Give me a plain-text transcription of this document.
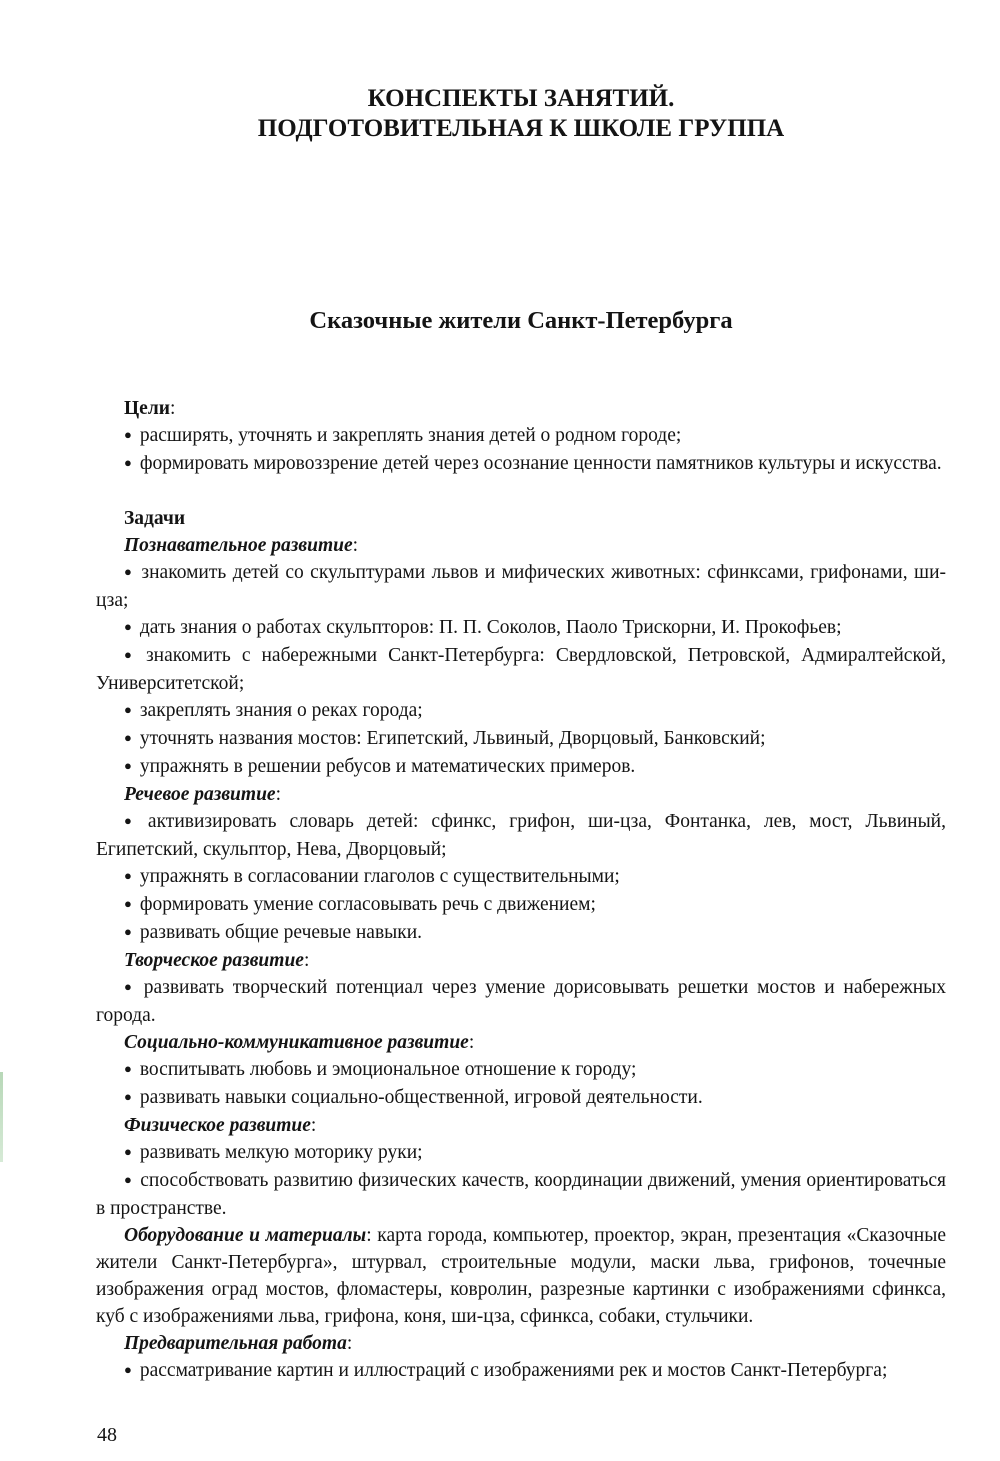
КОНСПЕКТЫ ЗАНЯТИЙ.
ПОДГОТОВИТЕЛЬНАЯ К ШКОЛЕ ГРУППА
Сказочные жители Санкт-Петербурга

Цели:

● расширять, уточнять и закреплять знания детей о родном городе;

● формировать мировоззрение детей через осознание ценности памятников культуры и искусства.

Задачи

Познавательное развитие:

● знакомить детей со скульптурами львов и мифических животных: сфинксами, грифонами, ши-цза;

● дать знания о работах скульпторов: П. П. Соколов, Паоло Трискорни, И. Прокофьев;

● знакомить с набережными Санкт-Петербурга: Свердловской, Петровской, Адмиралтейской, Университетской;

● закреплять знания о реках города;

● уточнять названия мостов: Египетский, Львиный, Дворцовый, Банковский;

● упражнять в решении ребусов и математических примеров.

Речевое развитие:

● активизировать словарь детей: сфинкс, грифон, ши-цза, Фонтанка, лев, мост, Львиный, Египетский, скульптор, Нева, Дворцовый;

● упражнять в согласовании глаголов с существительными;

● формировать умение согласовывать речь с движением;

● развивать общие речевые навыки.

Творческое развитие:

● развивать творческий потенциал через умение дорисовывать решетки мостов и набережных города.

Социально-коммуникативное развитие:

● воспитывать любовь и эмоциональное отношение к городу;

● развивать навыки социально-общественной, игровой деятельности.

Физическое развитие:

● развивать мелкую моторику руки;

● способствовать развитию физических качеств, координации движений, умения ориентироваться в пространстве.

Оборудование и материалы: карта города, компьютер, проектор, экран, презентация «Сказочные жители Санкт-Петербурга», штурвал, строительные модули, маски льва, грифонов, точечные изображения оград мостов, фломастеры, ковролин, разрезные картинки с изображениями сфинкса, куб с изображениями льва, грифона, коня, ши-цза, сфинкса, собаки, стульчики.

Предварительная работа:

● рассматривание картин и иллюстраций с изображениями рек и мостов Санкт-Петербурга;

48
